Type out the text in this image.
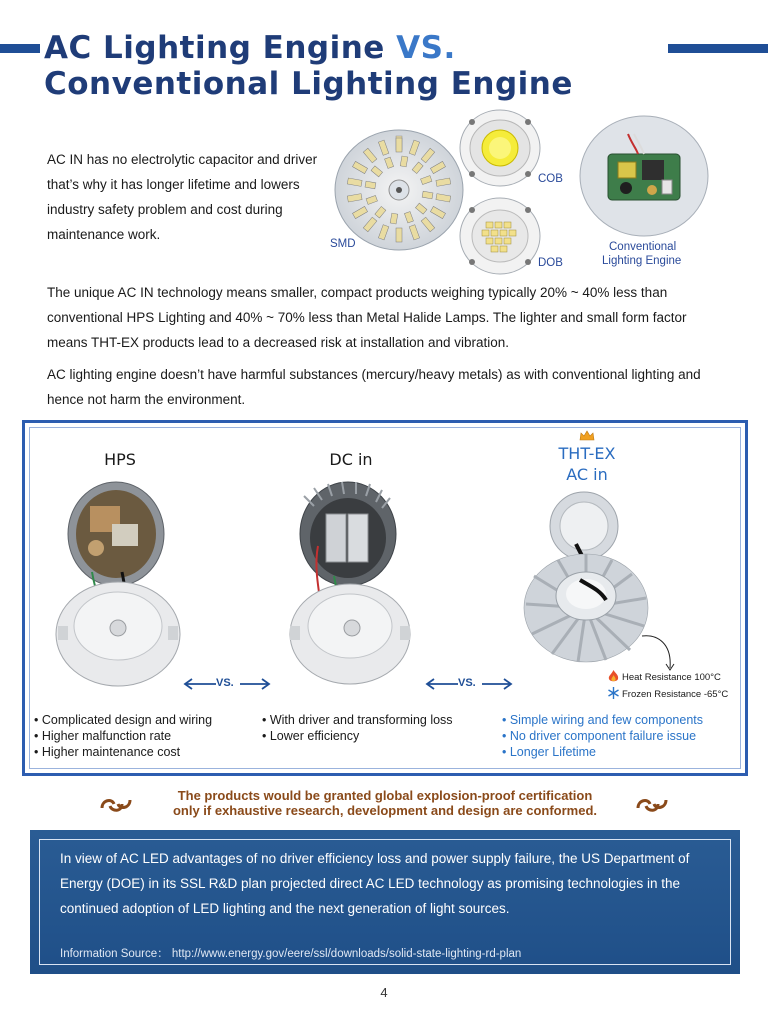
AC Lighting Engine VS.
Conventional Lighting Engine

AC IN has no electrolytic capacitor and driver that’s why it has longer lifetime and lowers industry safety problem and cost during maintenance work.

SMD
COB
DOB
Conventional
Lighting Engine

The unique AC IN technology means smaller, compact products weighing typically 20% ~ 40% less than conventional HPS Lighting and 40% ~ 70% less than Metal Halide Lamps. The lighter and small form factor means THT-EX products lead to a decreased risk at installation and vibration.

AC lighting engine doesn’t have harmful substances (mercury/heavy metals) as with conventional lighting and hence not harm the environment.

HPS	DC in	THT-EX
AC in
Heat Resistance 100°C
Frozen Resistance -65°C
VS.	VS.
• Complicated design and wiring
• Higher malfunction rate
• Higher maintenance cost
• With driver and transforming loss
• Lower efficiency
• Simple wiring and few components
• No driver component failure issue
• Longer Lifetime
The products would be granted global explosion-proof certification
only if exhaustive research, development and design are conformed.

In view of AC LED advantages of no driver efficiency loss and power supply failure, the US Department of Energy (DOE) in its SSL R&D plan projected direct AC LED technology as promising technologies in the continued adoption of LED lighting and the next generation of light sources.

Information Source： http://www.energy.gov/eere/ssl/downloads/solid-state-lighting-rd-plan
4
